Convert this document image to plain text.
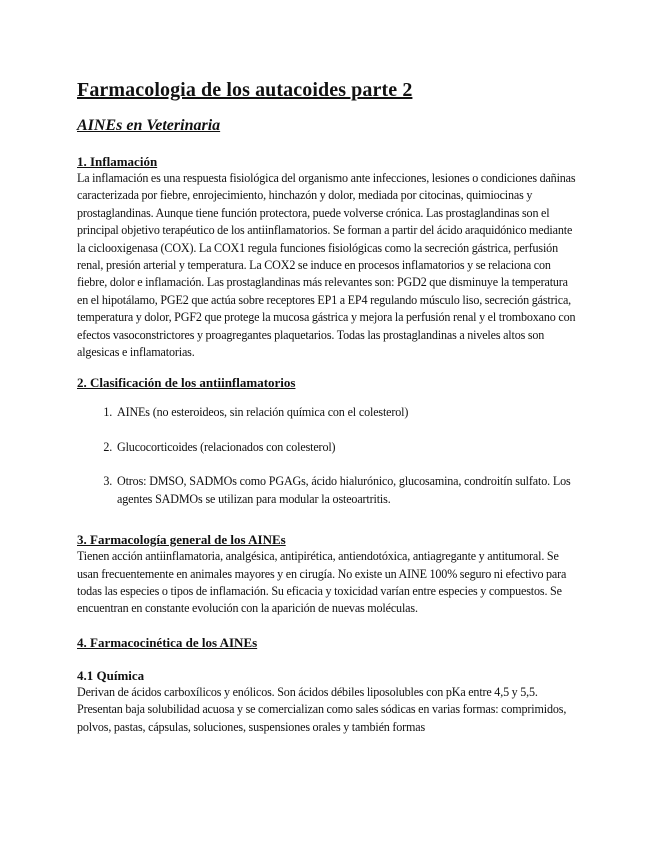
Farmacologia de los autacoides parte 2
AINEs en Veterinaria
1. Inflamación

La inflamación es una respuesta fisiológica del organismo ante infecciones, lesiones o condiciones dañinas caracterizada por fiebre, enrojecimiento, hinchazón y dolor, mediada por citocinas, quimiocinas y prostaglandinas. Aunque tiene función protectora, puede volverse crónica. Las prostaglandinas son el principal objetivo terapéutico de los antiinflamatorios. Se forman a partir del ácido araquidónico mediante la ciclooxigenasa (COX). La COX1 regula funciones fisiológicas como la secreción gástrica, perfusión renal, presión arterial y temperatura. La COX2 se induce en procesos inflamatorios y se relaciona con fiebre, dolor e inflamación. Las prostaglandinas más relevantes son: PGD2 que disminuye la temperatura en el hipotálamo, PGE2 que actúa sobre receptores EP1 a EP4 regulando músculo liso, secreción gástrica, temperatura y dolor, PGF2 que protege la mucosa gástrica y mejora la perfusión renal y el tromboxano con efectos vasoconstrictores y proagregantes plaquetarios. Todas las prostaglandinas a niveles altos son algesicas e inflamatorias.

2. Clasificación de los antiinflamatorios
1. AINEs (no esteroideos, sin relación química con el colesterol)
2. Glucocorticoides (relacionados con colesterol)
3. Otros: DMSO, SADMOs como PGAGs, ácido hialurónico, glucosamina, condroitín sulfato. Los agentes SADMOs se utilizan para modular la osteoartritis.
3. Farmacología general de los AINEs

Tienen acción antiinflamatoria, analgésica, antipirética, antiendotóxica, antiagregante y antitumoral. Se usan frecuentemente en animales mayores y en cirugía. No existe un AINE 100% seguro ni efectivo para todas las especies o tipos de inflamación. Su eficacia y toxicidad varían entre especies y compuestos. Se encuentran en constante evolución con la aparición de nuevas moléculas.

4. Farmacocinética de los AINEs
4.1 Química

Derivan de ácidos carboxílicos y enólicos. Son ácidos débiles liposolubles con pKa entre 4,5 y 5,5. Presentan baja solubilidad acuosa y se comercializan como sales sódicas en varias formas: comprimidos, polvos, pastas, cápsulas, soluciones, suspensiones orales y también formas
